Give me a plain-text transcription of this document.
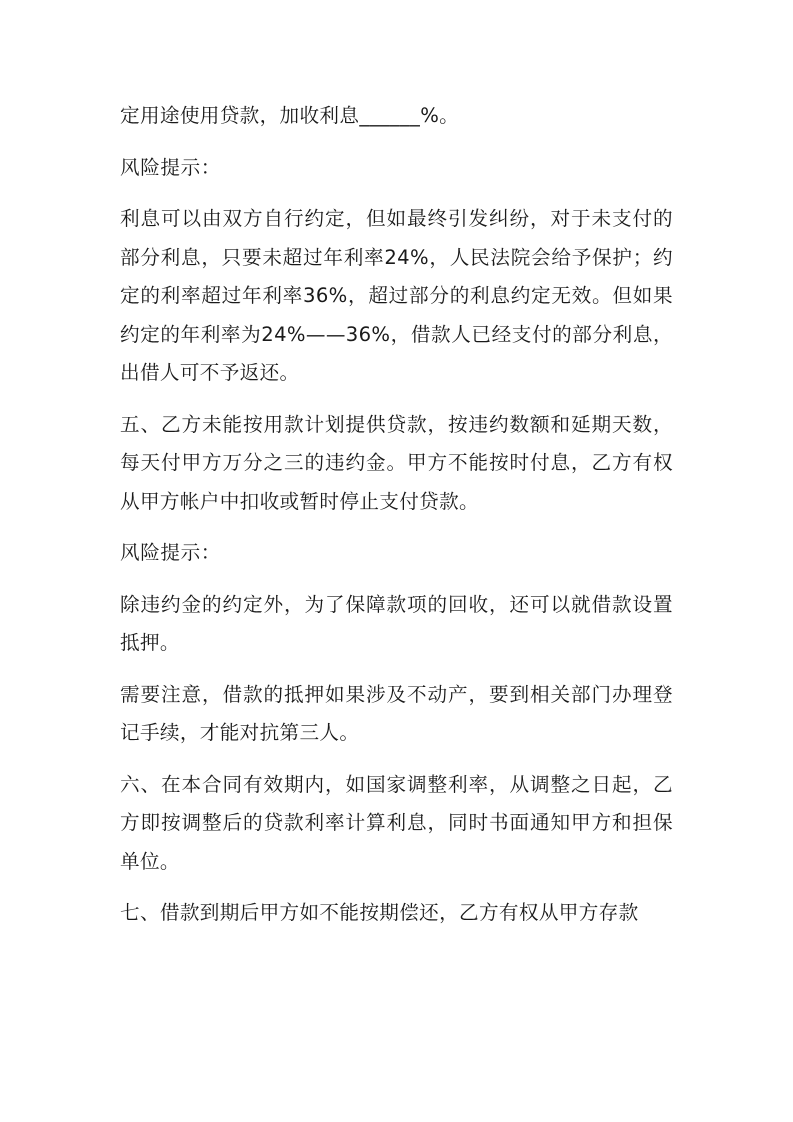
定用途使用贷款，加收利息______%。

风险提示：

利息可以由双方自行约定，但如最终引发纠纷，对于未支付的部分利息，只要未超过年利率24%，人民法院会给予保护；约定的利率超过年利率36%，超过部分的利息约定无效。但如果约定的年利率为24%——36%，借款人已经支付的部分利息，出借人可不予返还。

五、乙方未能按用款计划提供贷款，按违约数额和延期天数，每天付甲方万分之三的违约金。甲方不能按时付息，乙方有权从甲方帐户中扣收或暂时停止支付贷款。

风险提示：

除违约金的约定外，为了保障款项的回收，还可以就借款设置抵押。

需要注意，借款的抵押如果涉及不动产，要到相关部门办理登记手续，才能对抗第三人。

六、在本合同有效期内，如国家调整利率，从调整之日起，乙方即按调整后的贷款利率计算利息，同时书面通知甲方和担保单位。

七、借款到期后甲方如不能按期偿还，乙方有权从甲方存款
